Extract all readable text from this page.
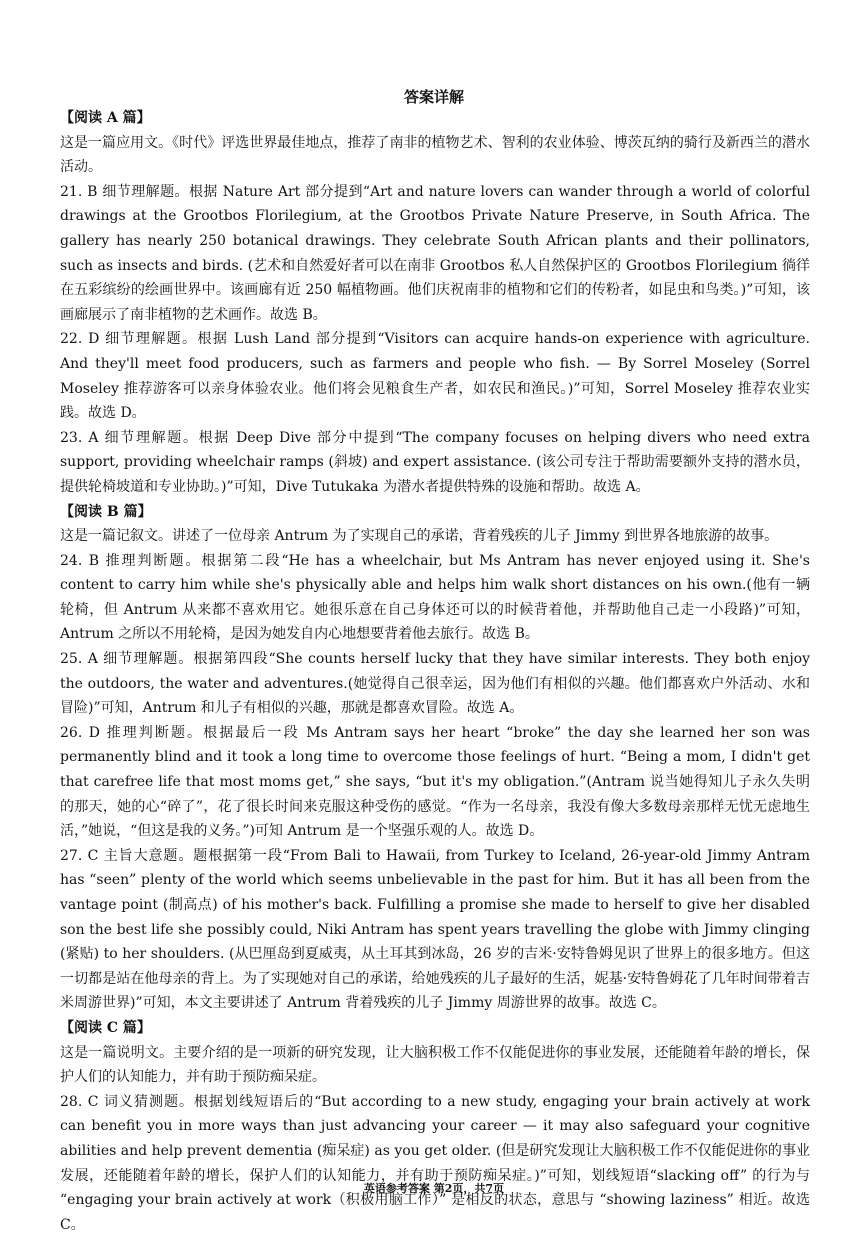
答案详解

【阅读 A 篇】

这是一篇应用文。《时代》评选世界最佳地点，推荐了南非的植物艺术、智利的农业体验、博茨瓦纳的骑行及新西兰的潜水活动。

21. B 细节理解题。根据 Nature Art 部分提到“Art and nature lovers can wander through a world of colorful drawings at the Grootbos Florilegium, at the Grootbos Private Nature Preserve, in South Africa. The gallery has nearly 250 botanical drawings. They celebrate South African plants and their pollinators, such as insects and birds. (艺术和自然爱好者可以在南非 Grootbos 私人自然保护区的 Grootbos Florilegium 徜徉在五彩缤纷的绘画世界中。该画廊有近 250 幅植物画。他们庆祝南非的植物和它们的传粉者，如昆虫和鸟类。)”可知，该画廊展示了南非植物的艺术画作。故选 B。

22. D 细节理解题。根据 Lush Land 部分提到“Visitors can acquire hands-on experience with agriculture. And they'll meet food producers, such as farmers and people who fish. — By Sorrel Moseley (Sorrel Moseley 推荐游客可以亲身体验农业。他们将会见粮食生产者，如农民和渔民。)”可知，Sorrel Moseley 推荐农业实践。故选 D。

23. A 细节理解题。根据 Deep Dive 部分中提到“The company focuses on helping divers who need extra support, providing wheelchair ramps (斜坡) and expert assistance. (该公司专注于帮助需要额外支持的潜水员，提供轮椅坡道和专业协助。)”可知，Dive Tutukaka 为潜水者提供特殊的设施和帮助。故选 A。

【阅读 B 篇】

这是一篇记叙文。讲述了一位母亲 Antrum 为了实现自己的承诺，背着残疾的儿子 Jimmy 到世界各地旅游的故事。

24. B 推理判断题。根据第二段“He has a wheelchair, but Ms Antram has never enjoyed using it. She's content to carry him while she's physically able and helps him walk short distances on his own.(他有一辆轮椅，但 Antrum 从来都不喜欢用它。她很乐意在自己身体还可以的时候背着他，并帮助他自己走一小段路)”可知，Antrum 之所以不用轮椅，是因为她发自内心地想要背着他去旅行。故选 B。

25. A 细节理解题。根据第四段“She counts herself lucky that they have similar interests. They both enjoy the outdoors, the water and adventures.(她觉得自己很幸运，因为他们有相似的兴趣。他们都喜欢户外活动、水和冒险)”可知，Antrum 和儿子有相似的兴趣，那就是都喜欢冒险。故选 A。

26. D 推理判断题。根据最后一段 Ms Antram says her heart “broke” the day she learned her son was permanently blind and it took a long time to overcome those feelings of hurt. “Being a mom, I didn't get that carefree life that most moms get,” she says, “but it's my obligation.”(Antram 说当她得知儿子永久失明的那天，她的心“碎了”，花了很长时间来克服这种受伤的感觉。“作为一名母亲，我没有像大多数母亲那样无忧无虑地生活，”她说，“但这是我的义务。”)可知 Antrum 是一个坚强乐观的人。故选 D。

27. C 主旨大意题。题根据第一段“From Bali to Hawaii, from Turkey to Iceland, 26-year-old Jimmy Antram has “seen” plenty of the world which seems unbelievable in the past for him. But it has all been from the vantage point (制高点) of his mother's back. Fulfilling a promise she made to herself to give her disabled son the best life she possibly could, Niki Antram has spent years travelling the globe with Jimmy clinging (紧贴) to her shoulders. (从巴厘岛到夏威夷，从土耳其到冰岛，26 岁的吉米·安特鲁姆见识了世界上的很多地方。但这一切都是站在他母亲的背上。为了实现她对自己的承诺，给她残疾的儿子最好的生活，妮基·安特鲁姆花了几年时间带着吉米周游世界)”可知，本文主要讲述了 Antrum 背着残疾的儿子 Jimmy 周游世界的故事。故选 C。

【阅读 C 篇】

这是一篇说明文。主要介绍的是一项新的研究发现，让大脑积极工作不仅能促进你的事业发展，还能随着年龄的增长，保护人们的认知能力，并有助于预防痴呆症。

28. C 词义猜测题。根据划线短语后的“But according to a new study, engaging your brain actively at work can benefit you in more ways than just advancing your career — it may also safeguard your cognitive abilities and help prevent dementia (痴呆症) as you get older. (但是研究发现让大脑积极工作不仅能促进你的事业发展，还能随着年龄的增长，保护人们的认知能力，并有助于预防痴呆症。)”可知，划线短语“slacking off” 的行为与 “engaging your brain actively at work（积极用脑工作）” 是相反的状态，意思与 “showing laziness” 相近。故选 C。

英语参考答案 第2页，共7页
